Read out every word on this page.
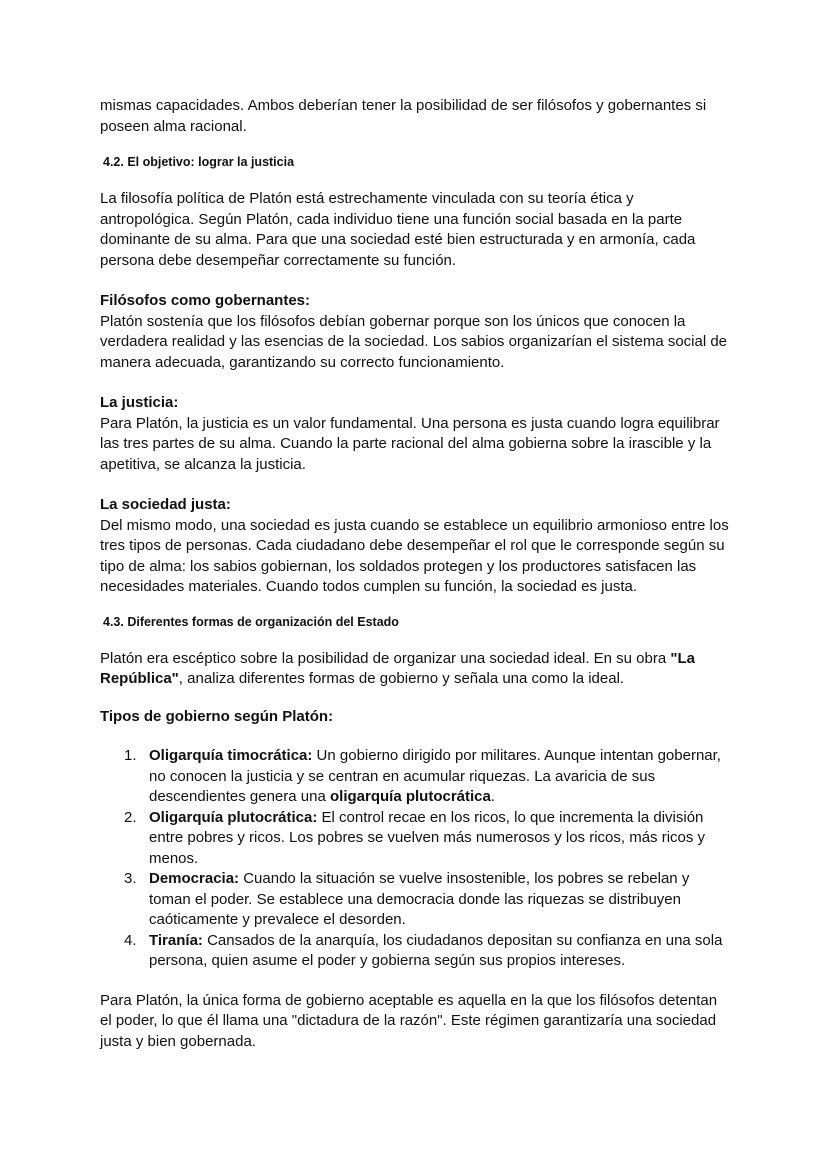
mismas capacidades. Ambos deberían tener la posibilidad de ser filósofos y gobernantes si poseen alma racional.

4.2. El objetivo: lograr la justicia

La filosofía política de Platón está estrechamente vinculada con su teoría ética y antropológica. Según Platón, cada individuo tiene una función social basada en la parte dominante de su alma. Para que una sociedad esté bien estructurada y en armonía, cada persona debe desempeñar correctamente su función.

Filósofos como gobernantes:

Platón sostenía que los filósofos debían gobernar porque son los únicos que conocen la verdadera realidad y las esencias de la sociedad. Los sabios organizarían el sistema social de manera adecuada, garantizando su correcto funcionamiento.

La justicia:

Para Platón, la justicia es un valor fundamental. Una persona es justa cuando logra equilibrar las tres partes de su alma. Cuando la parte racional del alma gobierna sobre la irascible y la apetitiva, se alcanza la justicia.

La sociedad justa:

Del mismo modo, una sociedad es justa cuando se establece un equilibrio armonioso entre los tres tipos de personas. Cada ciudadano debe desempeñar el rol que le corresponde según su tipo de alma: los sabios gobiernan, los soldados protegen y los productores satisfacen las necesidades materiales. Cuando todos cumplen su función, la sociedad es justa.

4.3. Diferentes formas de organización del Estado

Platón era escéptico sobre la posibilidad de organizar una sociedad ideal. En su obra "La República", analiza diferentes formas de gobierno y señala una como la ideal.

Tipos de gobierno según Platón:

1. Oligarquía timocrática: Un gobierno dirigido por militares. Aunque intentan gobernar, no conocen la justicia y se centran en acumular riquezas. La avaricia de sus descendientes genera una oligarquía plutocrática.
2. Oligarquía plutocrática: El control recae en los ricos, lo que incrementa la división entre pobres y ricos. Los pobres se vuelven más numerosos y los ricos, más ricos y menos.
3. Democracia: Cuando la situación se vuelve insostenible, los pobres se rebelan y toman el poder. Se establece una democracia donde las riquezas se distribuyen caóticamente y prevalece el desorden.
4. Tiranía: Cansados de la anarquía, los ciudadanos depositan su confianza en una sola persona, quien asume el poder y gobierna según sus propios intereses.

Para Platón, la única forma de gobierno aceptable es aquella en la que los filósofos detentan el poder, lo que él llama una "dictadura de la razón". Este régimen garantizaría una sociedad justa y bien gobernada.
